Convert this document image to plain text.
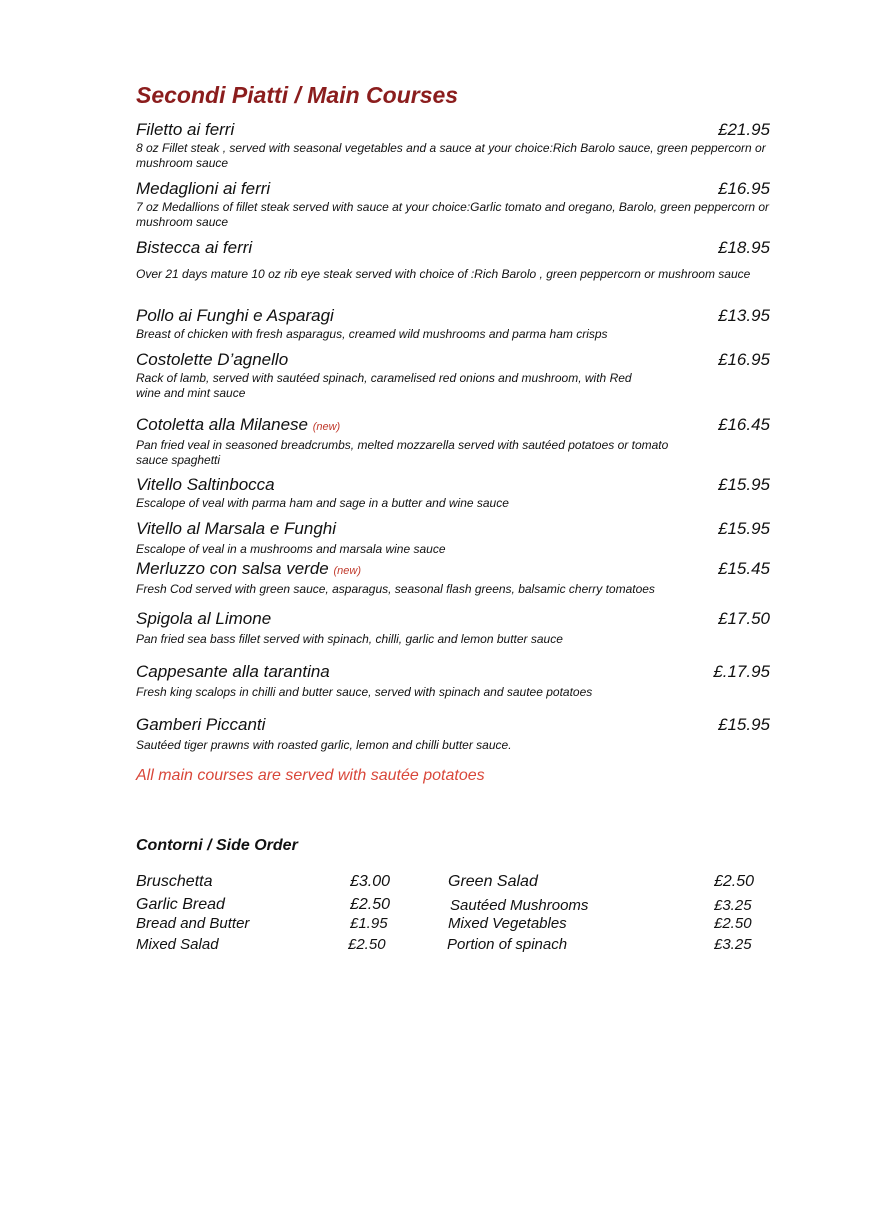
Secondi Piatti / Main Courses
Filetto ai ferri	£21.95
8 oz Fillet steak , served with seasonal vegetables and a sauce at your choice:Rich Barolo sauce, green peppercorn or mushroom sauce
Medaglioni ai ferri	£16.95
7 oz Medallions of fillet steak served with sauce at your choice:Garlic tomato and oregano, Barolo, green peppercorn or mushroom sauce
Bistecca ai ferri	£18.95
Over 21 days mature 10 oz rib eye steak served with choice of :Rich Barolo , green peppercorn or mushroom sauce
Pollo ai Funghi e Asparagi	£13.95
Breast of chicken with fresh asparagus, creamed wild mushrooms and parma ham crisps
Costolette D’agnello	£16.95
Rack of lamb, served with sautéed spinach, caramelised red onions and mushroom, with Red wine and mint sauce
Cotoletta alla Milanese (new)	£16.45
Pan fried veal in seasoned breadcrumbs, melted mozzarella served with sautéed potatoes or tomato sauce spaghetti
Vitello Saltinbocca	£15.95
Escalope of veal with parma ham and sage in a butter and wine sauce
Vitello al Marsala e Funghi	£15.95
Escalope of veal in a mushrooms and marsala wine sauce
Merluzzo con salsa verde (new)	£15.45
Fresh Cod served with green sauce, asparagus, seasonal flash greens, balsamic cherry tomatoes
Spigola al Limone	£17.50
Pan fried sea bass fillet served with spinach, chilli, garlic and lemon butter sauce
Cappesante alla tarantina	£.17.95
Fresh king scalops in chilli and butter sauce, served with spinach and sautee potatoes
Gamberi Piccanti	£15.95
Sautéed tiger prawns with roasted garlic, lemon and chilli butter sauce.
All main courses are served with sautée potatoes
Contorni / Side Order
Bruschetta	£3.00
Garlic Bread	£2.50
Bread and Butter	£1.95
Mixed Salad	£2.50
Green Salad	£2.50
Sautéed Mushrooms	£3.25
Mixed Vegetables	£2.50
Portion of spinach	£3.25
